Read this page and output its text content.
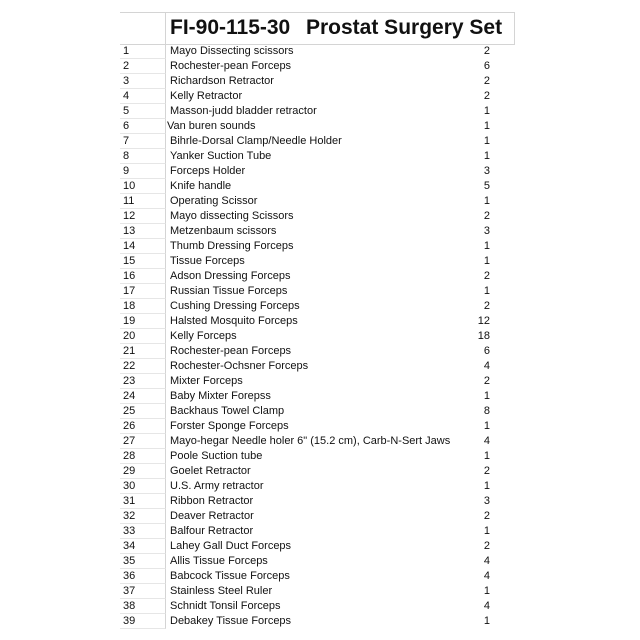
FI-90-115-30 Prostat Surgery Set
1	Mayo Dissecting scissors	2
2	Rochester-pean Forceps	6
3	Richardson Retractor	2
4	Kelly Retractor	2
5	Masson-judd bladder retractor	1
6	Van buren sounds	1
7	Bihrle-Dorsal Clamp/Needle Holder	1
8	Yanker Suction Tube	1
9	Forceps Holder	3
10	Knife handle	5
11	Operating Scissor	1
12	Mayo dissecting Scissors	2
13	Metzenbaum scissors	3
14	Thumb Dressing Forceps	1
15	Tissue Forceps	1
16	Adson Dressing Forceps	2
17	Russian Tissue Forceps	1
18	Cushing Dressing Forceps	2
19	Halsted Mosquito Forceps	12
20	Kelly Forceps	18
21	Rochester-pean Forceps	6
22	Rochester-Ochsner Forceps	4
23	Mixter Forceps	2
24	Baby Mixter Forepss	1
25	Backhaus Towel Clamp	8
26	Forster Sponge Forceps	1
27	Mayo-hegar Needle holer 6" (15.2 cm), Carb-N-Sert Jaws	4
28	Poole Suction tube	1
29	Goelet Retractor	2
30	U.S. Army retractor	1
31	Ribbon Retractor	3
32	Deaver Retractor	2
33	Balfour Retractor	1
34	Lahey Gall Duct Forceps	2
35	Allis Tissue Forceps	4
36	Babcock Tissue Forceps	4
37	Stainless Steel Ruler	1
38	Schnidt Tonsil Forceps	4
39	Debakey Tissue Forceps	1
